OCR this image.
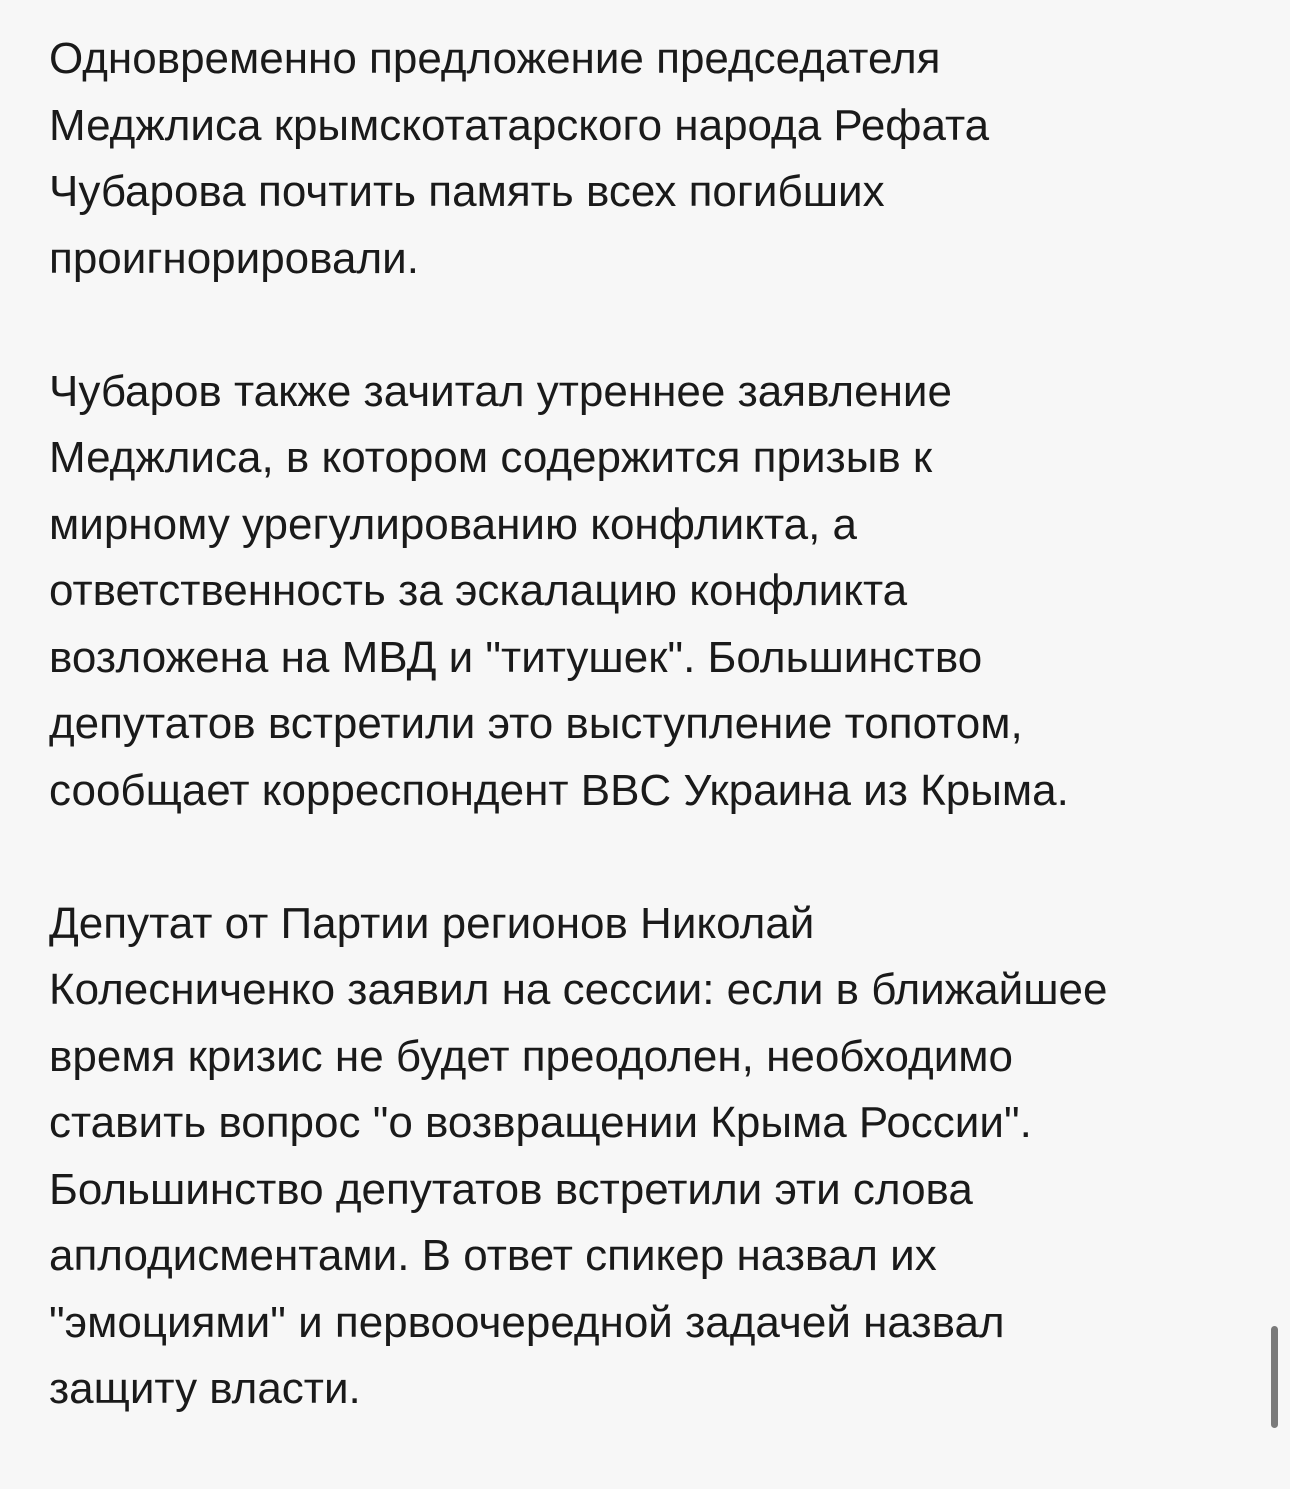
Одновременно предложение председателя
Меджлиса крымскотатарского народа Рефата
Чубарова почтить память всех погибших
проигнорировали.

Чубаров также зачитал утреннее заявление
Меджлиса, в котором содержится призыв к
мирному урегулированию конфликта, а
ответственность за эскалацию конфликта
возложена на МВД и "титушек". Большинство
депутатов встретили это выступление топотом,
сообщает корреспондент BBC Украина из Крыма.

Депутат от Партии регионов Николай
Колесниченко заявил на сессии: если в ближайшее
время кризис не будет преодолен, необходимо
ставить вопрос "о возвращении Крыма России".
Большинство депутатов встретили эти слова
аплодисментами. В ответ спикер назвал их
"эмоциями" и первоочередной задачей назвал
защиту власти.
